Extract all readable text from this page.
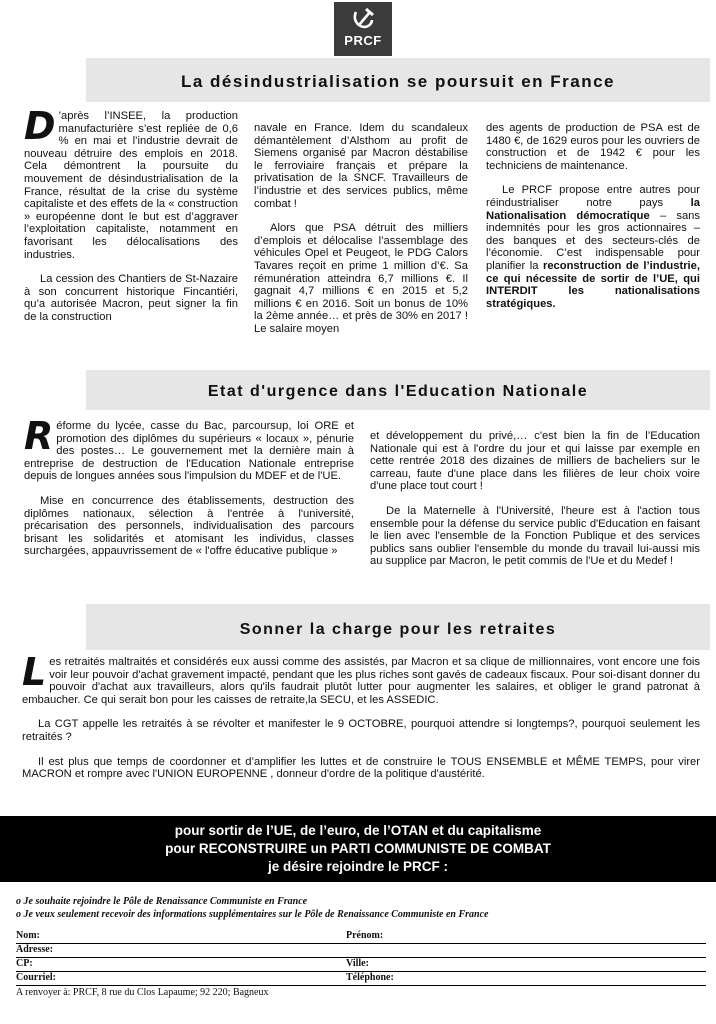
PRCF
La désindustrialisation se poursuit en France

D ’après l’INSEE, la production manufacturière s’est repliée de 0,6 % en mai et l’industrie devrait de nouveau détruire des emplois en 2018. Cela démontrent la poursuite du mouvement de désindustrialisation de la France, résultat de la crise du système capitaliste et des effets de la « construction » européenne dont le but est d’aggraver l’exploitation capitaliste, notamment en favorisant les délocalisations des industries.

La cession des Chantiers de St-Nazaire à son concurrent historique Fincantiéri, qu’a autorisée Macron, peut signer la fin de la construction

navale en France. Idem du scandaleux démantèlement d’Alsthom au profit de Siemens organisé par Macron déstabilise le ferroviaire français et prépare la privatisation de la SNCF. Travailleurs de l’industrie et des services publics, même combat !

Alors que PSA détruit des milliers d’emplois et délocalise l’assemblage des véhicules Opel et Peugeot, le PDG Calors Tavares reçoit en prime 1 million d’€. Sa rémunération atteindra 6,7 millions €. Il gagnait 4,7 millions € en 2015 et 5,2 millions € en 2016. Soit un bonus de 10% la 2ème année… et près de 30% en 2017 ! Le salaire moyen

des agents de production de PSA est de 1480 €, de 1629 euros pour les ouvriers de construction et de 1942 € pour les techniciens de maintenance.

Le PRCF propose entre autres pour réindustrialiser notre pays la Nationalisation démocratique – sans indemnités pour les gros actionnaires – des banques et des secteurs-clés de l’économie. C’est indispensable pour planifier la reconstruction de l’industrie, ce qui nécessite de sortir de l’UE, qui INTERDIT les nationalisations stratégiques.

Etat d'urgence dans l'Education Nationale

Réforme du lycée, casse du Bac, parcoursup, loi ORE et promotion des diplômes du supérieurs « locaux », pénurie des postes… Le gouvernement met la dernière main à entreprise de destruction de l'Education Nationale entreprise depuis de longues années sous l'impulsion du MDEF et de l'UE.

Mise en concurrence des établissements, destruction des diplômes nationaux, sélection à l'entrée à l'université, précarisation des personnels, individualisation des parcours brisant les solidarités et atomisant les individus, classes surchargées, appauvrissement de « l'offre éducative publique »

et développement du privé,… c'est bien la fin de l’Education Nationale qui est à l'ordre du jour et qui laisse par exemple en cette rentrée 2018 des dizaines de milliers de bacheliers sur le carreau, faute d'une place dans les filières de leur choix voire d'une place tout court !

De la Maternelle à l'Université, l'heure est à l'action tous ensemble pour la défense du service public d'Education en faisant le lien avec l'ensemble de la Fonction Publique et des services publics sans oublier l'ensemble du monde du travail lui-aussi mis au supplice par Macron, le petit commis de l'Ue et du Medef !

Sonner la charge pour les retraites

Les retraités maltraités et considérés eux aussi comme des assistés, par Macron et sa clique de millionnaires, vont encore une fois voir leur pouvoir d'achat gravement impacté, pendant que les plus riches sont gavés de cadeaux fiscaux. Pour soi-disant donner du pouvoir d'achat aux travailleurs, alors qu'ils faudrait plutôt lutter pour augmenter les salaires, et obliger le grand patronat à embaucher. Ce qui serait bon pour les caisses de retraite,la SECU, et les ASSEDIC.

La CGT appelle les retraités à se révolter et manifester le 9 OCTOBRE, pourquoi attendre si longtemps?, pourquoi seulement les retraités ?

Il est plus que temps de coordonner et d’amplifier les luttes et de construire le TOUS ENSEMBLE et MÊME TEMPS, pour virer MACRON et rompre avec l'UNION EUROPENNE , donneur d'ordre de la politique d'austérité.

pour sortir de l’UE, de l’euro, de l’OTAN et du capitalisme
pour RECONSTRUIRE un PARTI COMMUNISTE DE COMBAT
je désire rejoindre le PRCF :
o Je souhaite rejoindre le Pôle de Renaissance Communiste en France
o Je veux seulement recevoir des informations supplémentaires sur le Pôle de Renaissance Communiste en France
Nom:	Prénom:
Adresse:
CP:	Ville:
Courriel:	Téléphone:
A renvoyer à: PRCF, 8 rue du Clos Lapaume; 92 220; Bagneux
